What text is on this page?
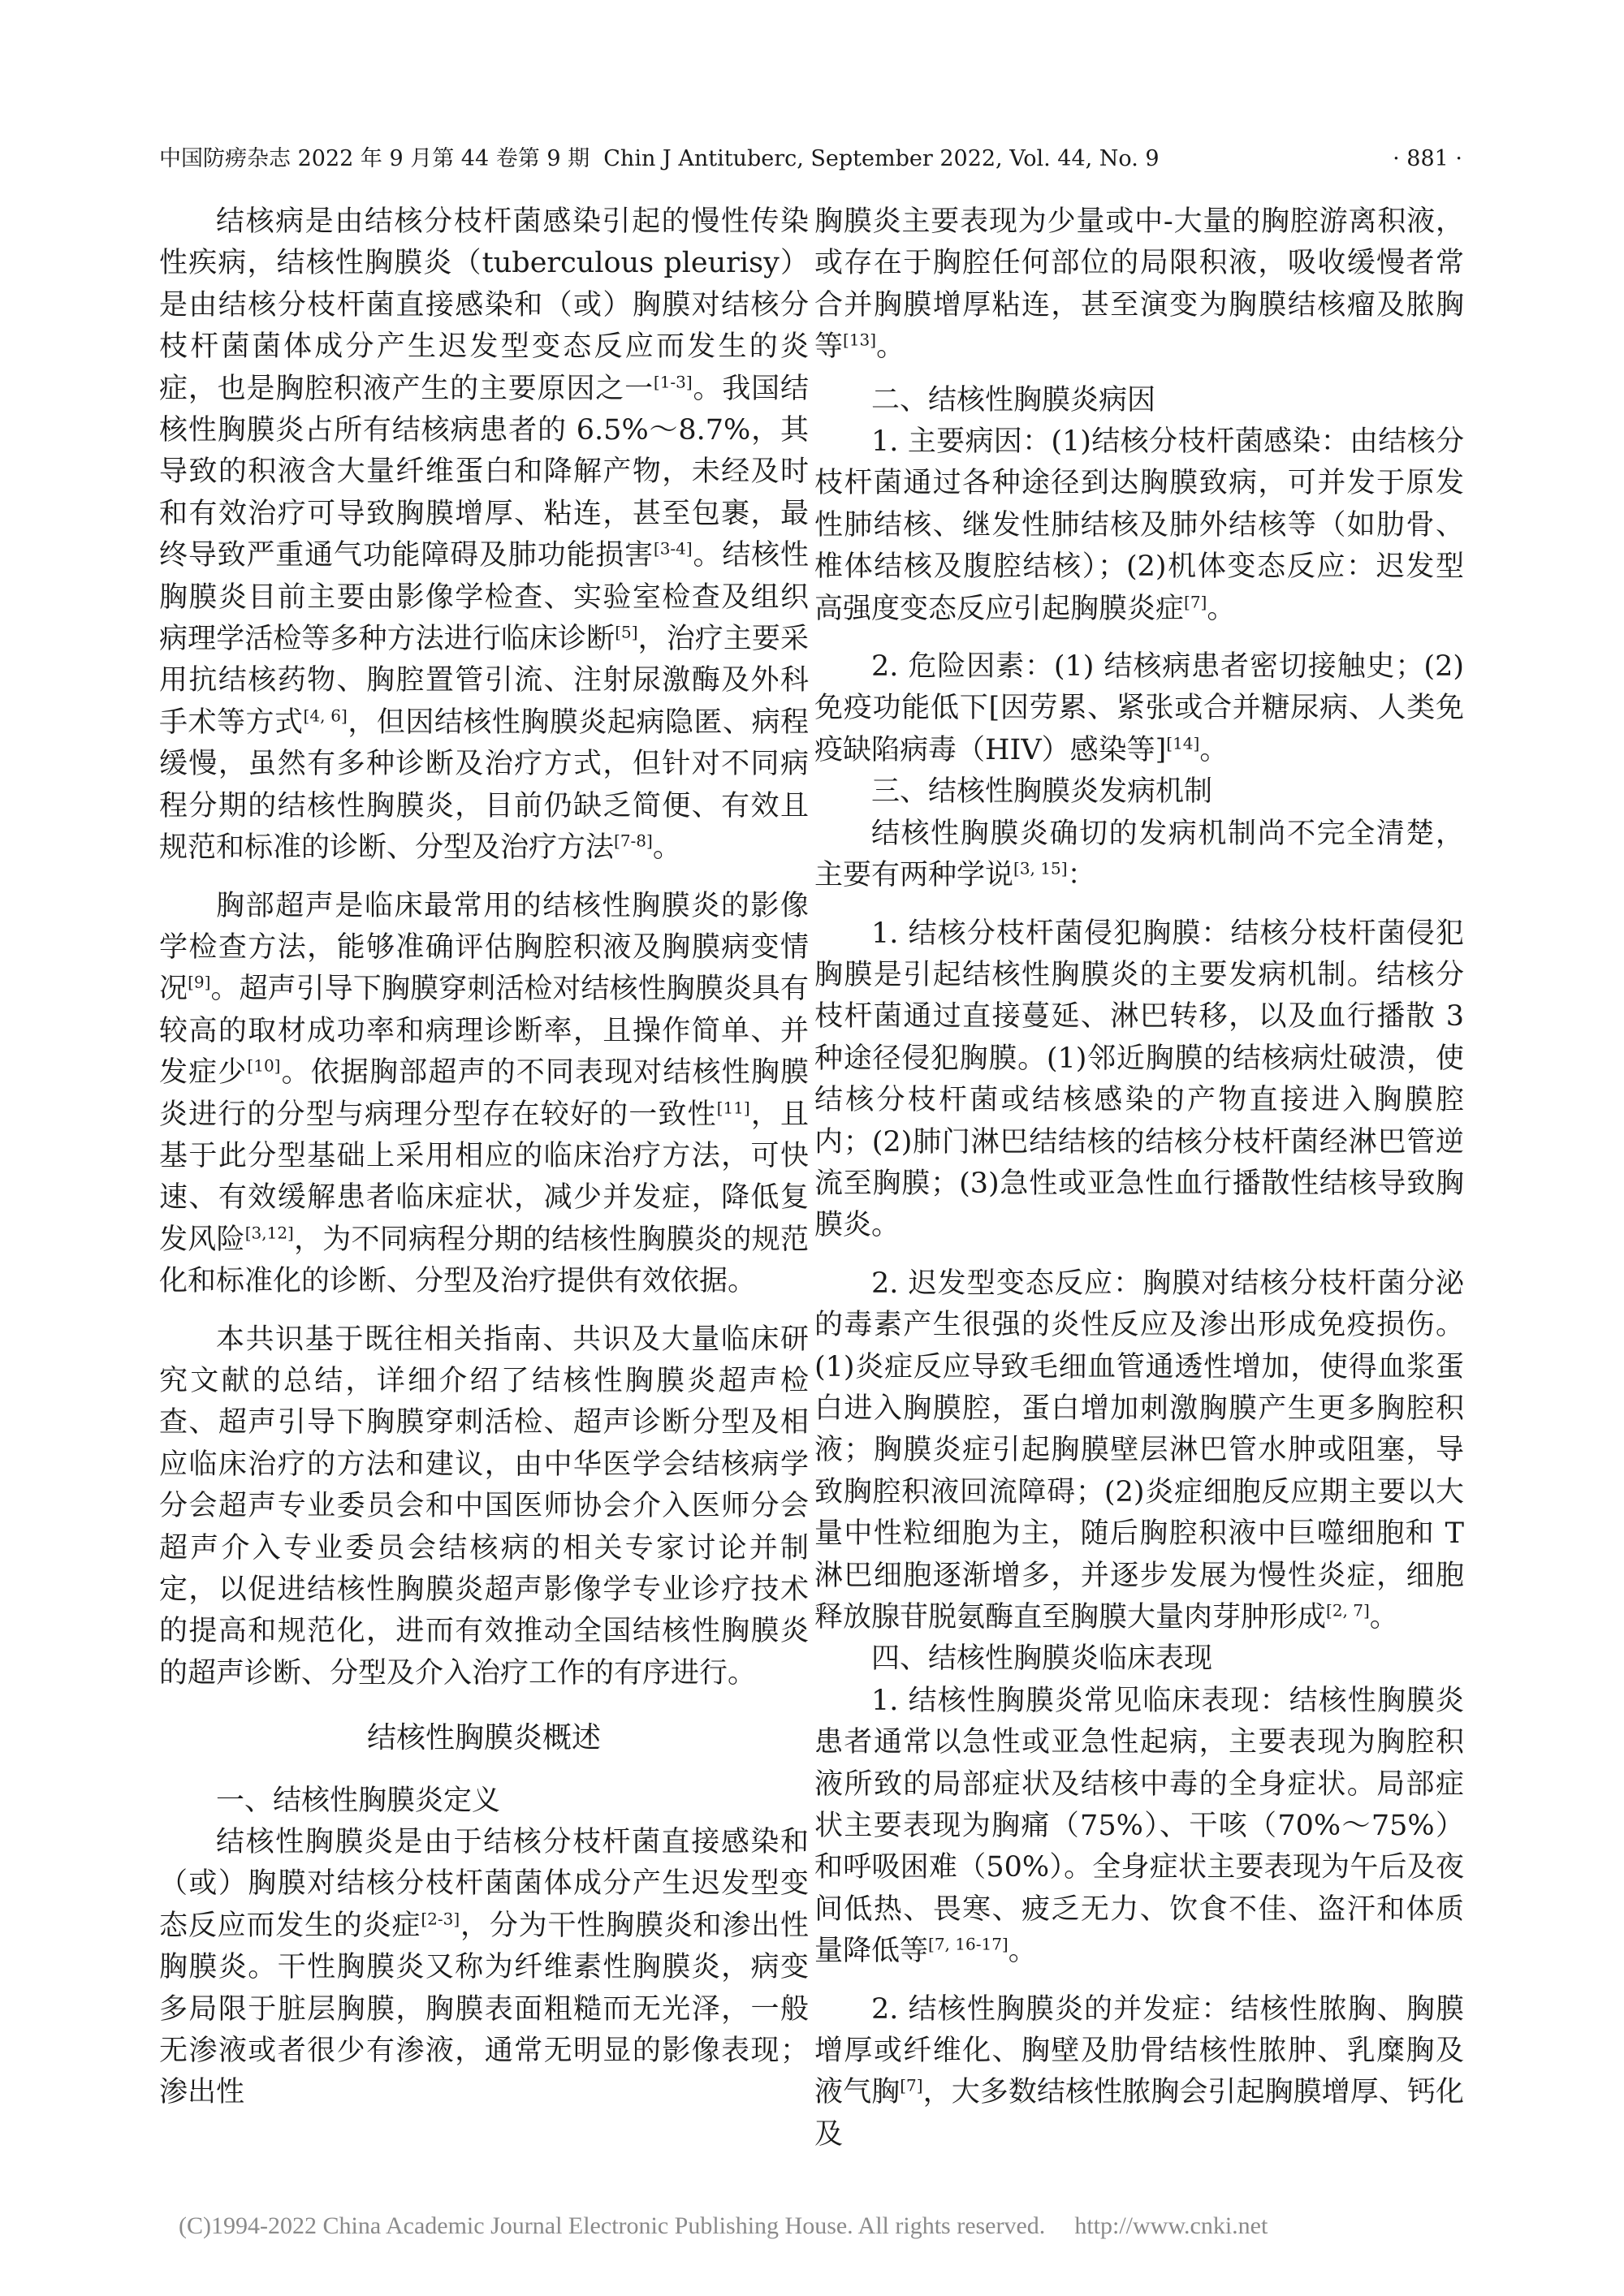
中国防痨杂志 2022 年 9 月第 44 卷第 9 期 Chin J Antituberc, September 2022, Vol. 44, No. 9	· 881 ·

结核病是由结核分枝杆菌感染引起的慢性传染性疾病，结核性胸膜炎（tuberculous pleurisy）是由结核分枝杆菌直接感染和（或）胸膜对结核分枝杆菌菌体成分产生迟发型变态反应而发生的炎症，也是胸腔积液产生的主要原因之一[1-3]。我国结核性胸膜炎占所有结核病患者的 6.5%～8.7%，其导致的积液含大量纤维蛋白和降解产物，未经及时和有效治疗可导致胸膜增厚、粘连，甚至包裹，最终导致严重通气功能障碍及肺功能损害[3-4]。结核性胸膜炎目前主要由影像学检查、实验室检查及组织病理学活检等多种方法进行临床诊断[5]，治疗主要采用抗结核药物、胸腔置管引流、注射尿激酶及外科手术等方式[4, 6]，但因结核性胸膜炎起病隐匿、病程缓慢，虽然有多种诊断及治疗方式，但针对不同病程分期的结核性胸膜炎，目前仍缺乏简便、有效且规范和标准的诊断、分型及治疗方法[7-8]。

胸部超声是临床最常用的结核性胸膜炎的影像学检查方法，能够准确评估胸腔积液及胸膜病变情况[9]。超声引导下胸膜穿刺活检对结核性胸膜炎具有较高的取材成功率和病理诊断率，且操作简单、并发症少[10]。依据胸部超声的不同表现对结核性胸膜炎进行的分型与病理分型存在较好的一致性[11]，且基于此分型基础上采用相应的临床治疗方法，可快速、有效缓解患者临床症状，减少并发症，降低复发风险[3,12]，为不同病程分期的结核性胸膜炎的规范化和标准化的诊断、分型及治疗提供有效依据。

本共识基于既往相关指南、共识及大量临床研究文献的总结，详细介绍了结核性胸膜炎超声检查、超声引导下胸膜穿刺活检、超声诊断分型及相应临床治疗的方法和建议，由中华医学会结核病学分会超声专业委员会和中国医师协会介入医师分会超声介入专业委员会结核病的相关专家讨论并制定，以促进结核性胸膜炎超声影像学专业诊疗技术的提高和规范化，进而有效推动全国结核性胸膜炎的超声诊断、分型及介入治疗工作的有序进行。

结核性胸膜炎概述
一、结核性胸膜炎定义

结核性胸膜炎是由于结核分枝杆菌直接感染和（或）胸膜对结核分枝杆菌菌体成分产生迟发型变态反应而发生的炎症[2-3]，分为干性胸膜炎和渗出性胸膜炎。干性胸膜炎又称为纤维素性胸膜炎，病变多局限于脏层胸膜，胸膜表面粗糙而无光泽，一般无渗液或者很少有渗液，通常无明显的影像表现；渗出性

胸膜炎主要表现为少量或中-大量的胸腔游离积液，或存在于胸腔任何部位的局限积液，吸收缓慢者常合并胸膜增厚粘连，甚至演变为胸膜结核瘤及脓胸等[13]。

二、结核性胸膜炎病因

1. 主要病因：(1)结核分枝杆菌感染：由结核分枝杆菌通过各种途径到达胸膜致病，可并发于原发性肺结核、继发性肺结核及肺外结核等（如肋骨、椎体结核及腹腔结核）；(2)机体变态反应：迟发型高强度变态反应引起胸膜炎症[7]。

2. 危险因素：(1) 结核病患者密切接触史；(2)免疫功能低下[因劳累、紧张或合并糖尿病、人类免疫缺陷病毒（HIV）感染等][14]。

三、结核性胸膜炎发病机制

结核性胸膜炎确切的发病机制尚不完全清楚，主要有两种学说[3, 15]：

1. 结核分枝杆菌侵犯胸膜：结核分枝杆菌侵犯胸膜是引起结核性胸膜炎的主要发病机制。结核分枝杆菌通过直接蔓延、淋巴转移，以及血行播散 3 种途径侵犯胸膜。(1)邻近胸膜的结核病灶破溃，使结核分枝杆菌或结核感染的产物直接进入胸膜腔内；(2)肺门淋巴结结核的结核分枝杆菌经淋巴管逆流至胸膜；(3)急性或亚急性血行播散性结核导致胸膜炎。

2. 迟发型变态反应：胸膜对结核分枝杆菌分泌的毒素产生很强的炎性反应及渗出形成免疫损伤。(1)炎症反应导致毛细血管通透性增加，使得血浆蛋白进入胸膜腔，蛋白增加刺激胸膜产生更多胸腔积液；胸膜炎症引起胸膜壁层淋巴管水肿或阻塞，导致胸腔积液回流障碍；(2)炎症细胞反应期主要以大量中性粒细胞为主，随后胸腔积液中巨噬细胞和 T 淋巴细胞逐渐增多，并逐步发展为慢性炎症，细胞释放腺苷脱氨酶直至胸膜大量肉芽肿形成[2, 7]。

四、结核性胸膜炎临床表现

1. 结核性胸膜炎常见临床表现：结核性胸膜炎患者通常以急性或亚急性起病，主要表现为胸腔积液所致的局部症状及结核中毒的全身症状。局部症状主要表现为胸痛（75%）、干咳（70%～75%）和呼吸困难（50%）。全身症状主要表现为午后及夜间低热、畏寒、疲乏无力、饮食不佳、盗汗和体质量降低等[7, 16-17]。

2. 结核性胸膜炎的并发症：结核性脓胸、胸膜增厚或纤维化、胸壁及肋骨结核性脓肿、乳糜胸及液气胸[7]，大多数结核性脓胸会引起胸膜增厚、钙化及

(C)1994-2022 China Academic Journal Electronic Publishing House. All rights reserved. http://www.cnki.net
